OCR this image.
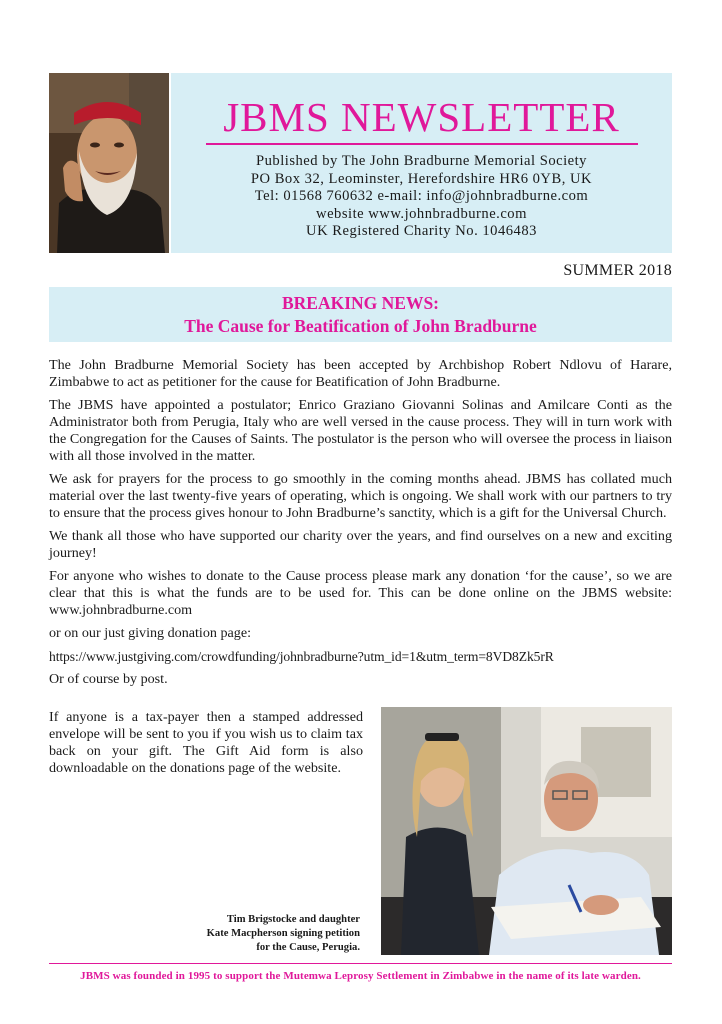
JBMS NEWSLETTER
Published by The John Bradburne Memorial Society
PO Box 32, Leominster, Herefordshire HR6 0YB, UK
Tel: 01568 760632 e-mail: info@johnbradburne.com
website www.johnbradburne.com
UK Registered Charity No. 1046483
SUMMER 2018
BREAKING NEWS:
The Cause for Beatification of John Bradburne

The John Bradburne Memorial Society has been accepted by Archbishop Robert Ndlovu of Harare, Zimbabwe to act as petitioner for the cause for Beatification of John Bradburne.

The JBMS have appointed a postulator; Enrico Graziano Giovanni Solinas and Amilcare Conti as the Administrator both from Perugia, Italy who are well versed in the cause process. They will in turn work with the Congregation for the Causes of Saints. The postulator is the person who will oversee the process in liaison with all those involved in the matter.

We ask for prayers for the process to go smoothly in the coming months ahead. JBMS has collated much material over the last twenty-five years of operating, which is ongoing. We shall work with our partners to try to ensure that the process gives honour to John Bradburne’s sanctity, which is a gift for the Universal Church.

We thank all those who have supported our charity over the years, and find ourselves on a new and exciting journey!

For anyone who wishes to donate to the Cause process please mark any donation ‘for the cause’, so we are clear that this is what the funds are to be used for. This can be done online on the JBMS website: www.johnbradburne.com

or on our just giving donation page:

https://www.justgiving.com/crowdfunding/johnbradburne?utm_id=1&utm_term=8VD8Zk5rR

Or of course by post.

If anyone is a tax-payer then a stamped addressed envelope will be sent to you if you wish us to claim tax back on your gift. The Gift Aid form is also downloadable on the donations page of the website.

Tim Brigstocke and daughter
Kate Macpherson signing petition
for the Cause, Perugia.
JBMS was founded in 1995 to support the Mutemwa Leprosy Settlement in Zimbabwe in the name of its late warden.
